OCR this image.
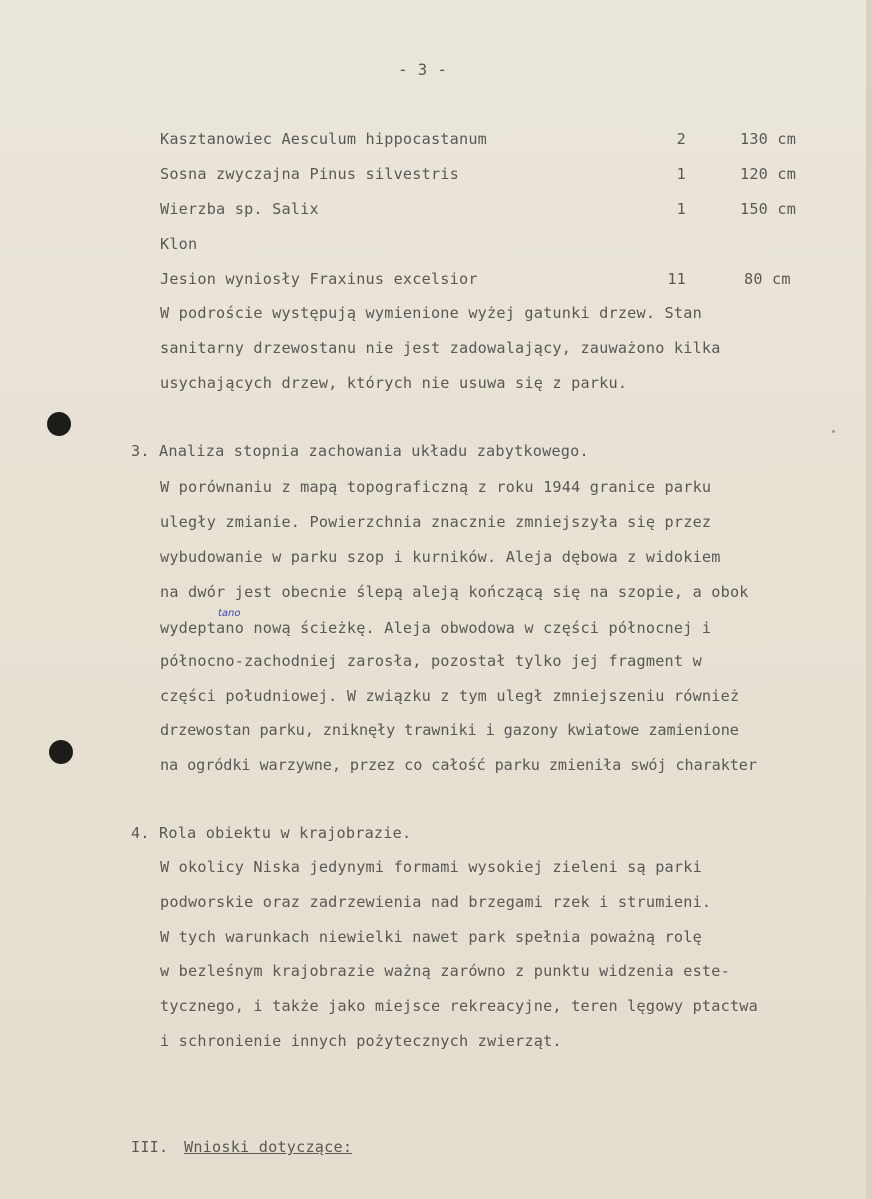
- 3 -
Kasztanowiec Aesculum hippocastanum	2	130 cm
Sosna zwyczajna Pinus silvestris	1	120 cm
Wierzba sp. Salix	1	150 cm
Klon
Jesion wyniosły Fraxinus excelsior	11	80 cm
W podroście występują wymienione wyżej gatunki drzew. Stan
sanitarny drzewostanu nie jest zadowalający, zauważono kilka
usychających drzew, których nie usuwa się z parku.
3. Analiza stopnia zachowania układu zabytkowego.
W porównaniu z mapą topograficzną z roku 1944 granice parku
uległy zmianie. Powierzchnia znacznie zmniejszyła się przez
wybudowanie w parku szop i kurników. Aleja dębowa z widokiem
na dwór jest obecnie ślepą aleją kończącą się na szopie, a obok
tano
wydeptano nową ścieżkę. Aleja obwodowa w części północnej i
północno-zachodniej zarosła, pozostał tylko jej fragment w
części południowej. W związku z tym uległ zmniejszeniu również
drzewostan parku, zniknęły trawniki i gazony kwiatowe zamienione
na ogródki warzywne, przez co całość parku zmieniła swój charakter
4. Rola obiektu w krajobrazie.
W okolicy Niska jedynymi formami wysokiej zieleni są parki
podworskie oraz zadrzewienia nad brzegami rzek i strumieni.
W tych warunkach niewielki nawet park spełnia poważną rolę
w bezleśnym krajobrazie ważną zarówno z punktu widzenia este-
tycznego, i także jako miejsce rekreacyjne, teren lęgowy ptactwa
i schronienie innych pożytecznych zwierząt.
III. Wnioski dotyczące:
